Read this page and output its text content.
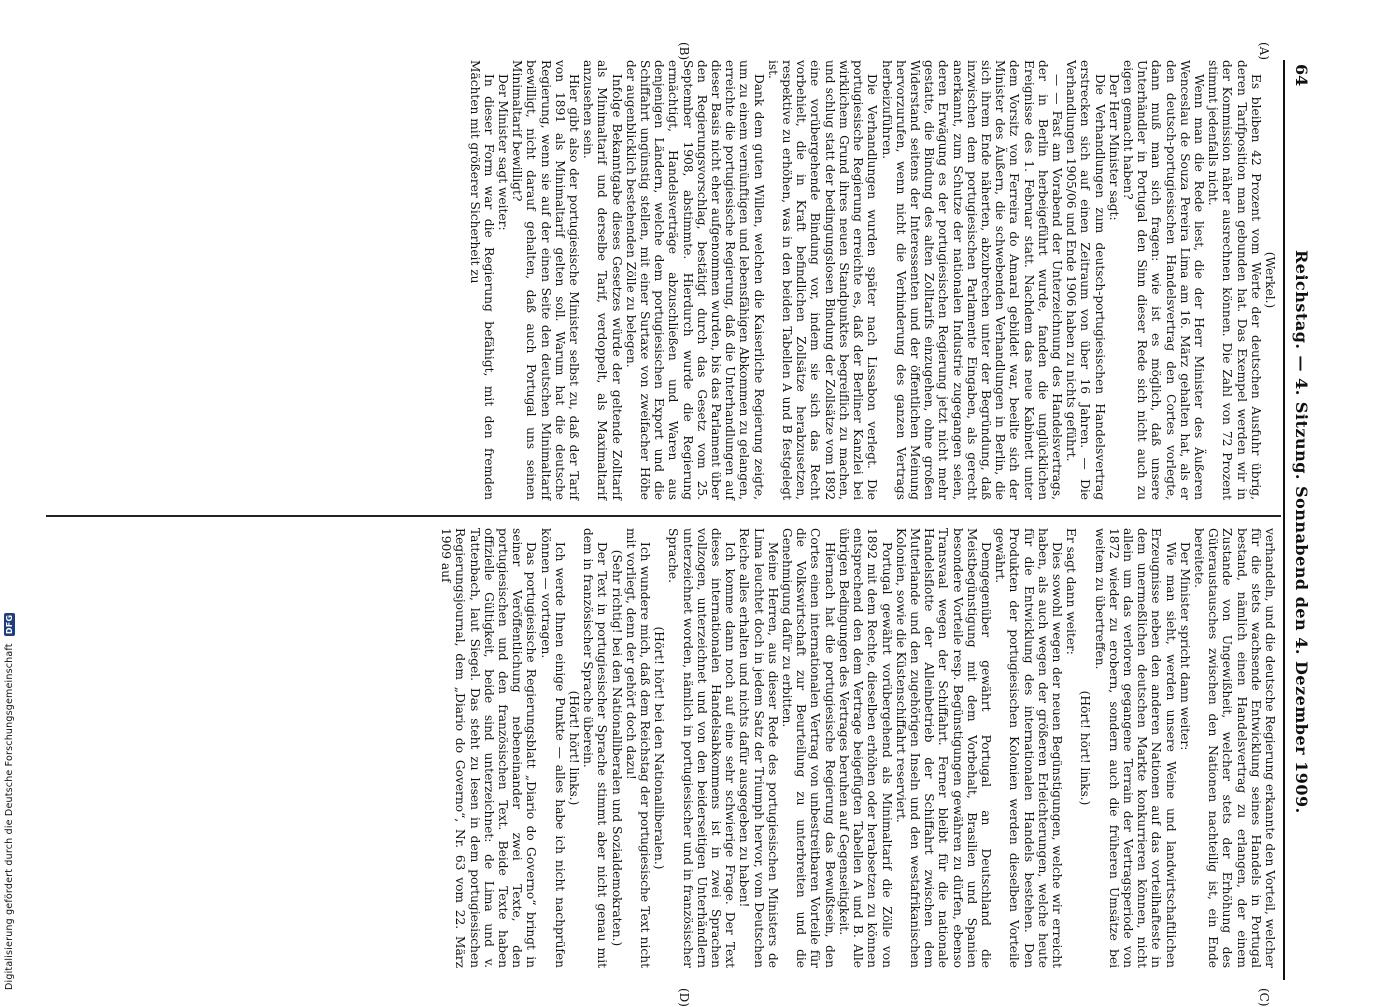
64
Reichstag. — 4. Sitzung. Sonnabend den 4. Dezember 1909.
(A)
(B)
(C)
(D)

(Werkel.)

Es bleiben 42 Prozent vom Werte der deutschen Ausfuhr übrig, deren Tarifposition man gebunden hat. Das Exempel werden wir in der Kommission näher ausrechnen können. Die Zahl von 72 Prozent stimmt jedenfalls nicht.

Wenn man die Rede liest, die der Herr Minister des Äußeren Wenceslau de Souza Pereira Lima am 16. März gehalten hat, als er den deutsch-portugiesischen Handelsvertrag den Cortes vorlegte, dann muß man sich fragen: wie ist es möglich, daß unsere Unterhändler in Portugal den Sinn dieser Rede sich nicht auch zu eigen gemacht haben?

Der Herr Minister sagt:

Die Verhandlungen zum deutsch-portugiesischen Handelsvertrag erstrecken sich auf einen Zeitraum von über 16 Jahren. — Die Verhandlungen 1905/06 und Ende 1906 haben zu nichts geführt.

— — Fast am Vorabend der Unterzeichnung des Handelsvertrags, der in Berlin herbeigeführt wurde, fanden die unglücklichen Ereignisse des 1. Februar statt. Nachdem das neue Kabinett unter dem Vorsitz von Ferreira do Amaral gebildet war, beeilte sich der Minister des Äußern, die schwebenden Verhandlungen in Berlin, die sich ihrem Ende näherten, abzubrechen unter der Begründung, daß inzwischen dem portugiesischen Parlamente Eingaben, als gerecht anerkannt, zum Schutze der nationalen Industrie zugegangen seien, deren Erwägung es der portugiesischen Regierung jetzt nicht mehr gestatte, die Bindung des alten Zolltarifs einzugehen, ohne großen Widerstand seitens der Interessenten und der öffentlichen Meinung hervorzurufen, wenn nicht die Verhinderung des ganzen Vertrags herbeizuführen.

Die Verhandlungen wurden später nach Lissabon verlegt. Die portugiesische Regierung erreichte es, daß der Berliner Kanzlei bei wirklichem Grund ihres neuen Standpunktes begreiflich zu machen, und schlug statt der bedingungslosen Bindung der Zollsätze vom 1892 eine vorübergehende Bindung vor, indem sie sich das Recht vorbehielt, die in Kraft befindlichen Zollsätze herabzusetzen, respektive zu erhöhen, was in den beiden Tabellen A und B festgelegt ist.

Dank dem guten Willen, welchen die Kaiserliche Regierung zeigte, um zu einem vernünftigen und lebensfähigen Abkommen zu gelangen, erreichte die portugiesische Regierung, daß die Unterhandlungen auf dieser Basis nicht eher aufgenommen wurden, bis das Parlament über den Regierungsvorschlag, bestätigt durch das Gesetz vom 25. September 1908, abstimmte. Hierdurch wurde die Regierung ermächtigt, Handelsverträge abzuschließen und Waren aus denjenigen Ländern, welche dem portugiesischen Export und die Schiffahrt ungünstig stellen, mit einer Surtaxe von zweifacher Höhe der augenblicklich bestehenden Zölle zu belegen.

Infolge Bekanntgabe dieses Gesetzes würde der geltende Zolltarif als Minimaltarif und derselbe Tarif, verdoppelt, als Maximaltarif anzusehen sein.

Hier gibt also der portugiesische Minister selbst zu, daß der Tarif von 1891 als Minimaltarif gelten soll. Warum hat die deutsche Regierung, wenn sie auf der einen Seite den deutschen Minimaltarif bewilligt, nicht darauf gehalten, daß auch Portugal uns seinen Minimaltarif bewilligt?

Der Minister sagt weiter:

In dieser Form war die Regierung befähigt, mit den fremden Mächten mit größerer Sicherheit zu

verhandeln, und die deutsche Regierung erkannte den Vorteil, welcher für die stets wachsende Entwicklung seines Handels in Portugal bestand, nämlich einen Handelsvertrag zu erlangen, der einem Zustande von Ungewißheit, welcher stets der Erhöhung des Güteraustausches zwischen den Nationen nachteilig ist, ein Ende bereitete.

Der Minister spricht dann weiter:

Wie man sieht, werden unsere Weine und landwirtschaftlichen Erzeugnisse neben den anderen Nationen auf das vorteilhafteste in dem unermeßlichen deutschen Markte konkurrieren können, nicht allein um das verloren gegangene Terrain der Vertragsperiode von 1872 wieder zu erobern, sondern auch die früheren Umsätze bei weitem zu übertreffen.

(Hört! hört! links.)

Er sagt dann weiter:

Dies sowohl wegen der neuen Begünstigungen, welche wir erreicht haben, als auch wegen der größeren Erleichterungen, welche heute für die Entwicklung des internationalen Handels bestehen. Den Produkten der portugiesischen Kolonien werden dieselben Vorteile gewährt.

Demgegenüber gewährt Portugal an Deutschland die Meistbegünstigung mit dem Vorbehalt, Brasilien und Spanien besondere Vorteile resp. Begünstigungen gewähren zu dürfen, ebenso Transvaal wegen der Schiffahrt. Ferner bleibt für die nationale Handelsflotte der Alleinbetrieb der Schiffahrt zwischen dem Mutterlande und den zugehörigen Inseln und den westafrikanischen Kolonien, sowie die Küstenschiffahrt reserviert.

Portugal gewährt vorübergehend als Minimaltarif die Zölle von 1892 mit dem Rechte, dieselben erhöhen oder herabsetzen zu können entsprechend den dem Vertrage beigefügten Tabellen A und B. Alle übrigen Bedingungen des Vertrages beruhen auf Gegenseitigkeit.

Hiernach hat die portugiesische Regierung das Bewußtsein, den Cortes einen internationalen Vertrag von unbestreitbaren Vorteile für die Volkswirtschaft zur Beurteilung zu unterbreiten und die Genehmigung dafür zu erbitten.

Meine Herren, aus dieser Rede des portugiesischen Ministers de Lima leuchtet doch in jedem Satz der Triumph hervor, vom Deutschen Reiche alles erhalten und nichts dafür ausgegeben zu haben!

Ich komme dann noch auf eine sehr schwierige Frage. Der Text dieses internationalen Handelsabkommens ist in zwei Sprachen vollzogen, unterzeichnet und von den beiderseitigen Unterhändlern unterzeichnet worden, nämlich in portugiesischer und in französischer Sprache.

(Hört! hört! bei den Nationalliberalen.)

Ich wundere mich, daß dem Reichstag der portugiesische Text nicht mit vorliegt, denn der gehört doch dazu!

(Sehr richtig! bei den Nationalliberalen und Sozialdemokraten.)

Der Text in portugiesischer Sprache stimmt aber nicht genau mit dem in französischer Sprache überein.

(Hört! hört! links.)

Ich werde Ihnen einige Punkte — alles habe ich nicht nachprüfen können — vortragen.

Das portugiesische Regierungsblatt „Diario do Governo“ bringt in seiner Veröffentlichung nebeneinander zwei Texte, den portugiesischen und den französischen Text. Beide Texte haben offizielle Gültigkeit, beide sind unterzeichnet: de Lima und v. Tattenbach, laut Siegel. Das steht zu lesen in dem portugiesischen Regierungsjournal, dem „Diario do Governo“, Nr. 63 vom 22. März 1909 auf

Digitalisierung gefördert durch die Deutsche Forschungsgemeinschaft DFG
